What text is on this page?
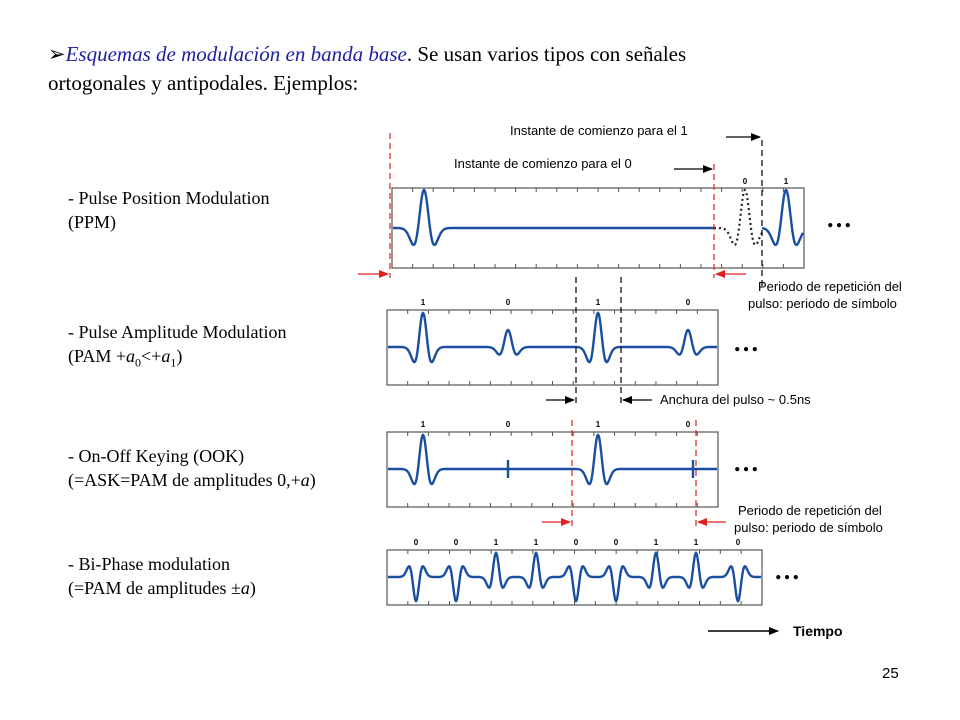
➢Esquemas de modulación en banda base. Se usan varios tipos con señales ortogonales y antipodales. Ejemplos:
- Pulse Position Modulation
(PPM)
- Pulse Amplitude Modulation
$(PAM +a_0<+a_1)$
- On-Off Keying (OOK)
(=ASK=PAM de amplitudes 0,+a)
- Bi-Phase modulation
(=PAM de amplitudes ±a)
0	1
1	0	1	0
1	0	1	0
0	0	1	1	0	0	1	1	0
Instante de comienzo para el 1
Instante de comienzo para el 0
Periodo de repetición del
pulso: periodo de símbolo
Anchura del pulso ~ 0.5ns
Periodo de repetición del
pulso: periodo de símbolo
Tiempo
…
…
…
…
25
